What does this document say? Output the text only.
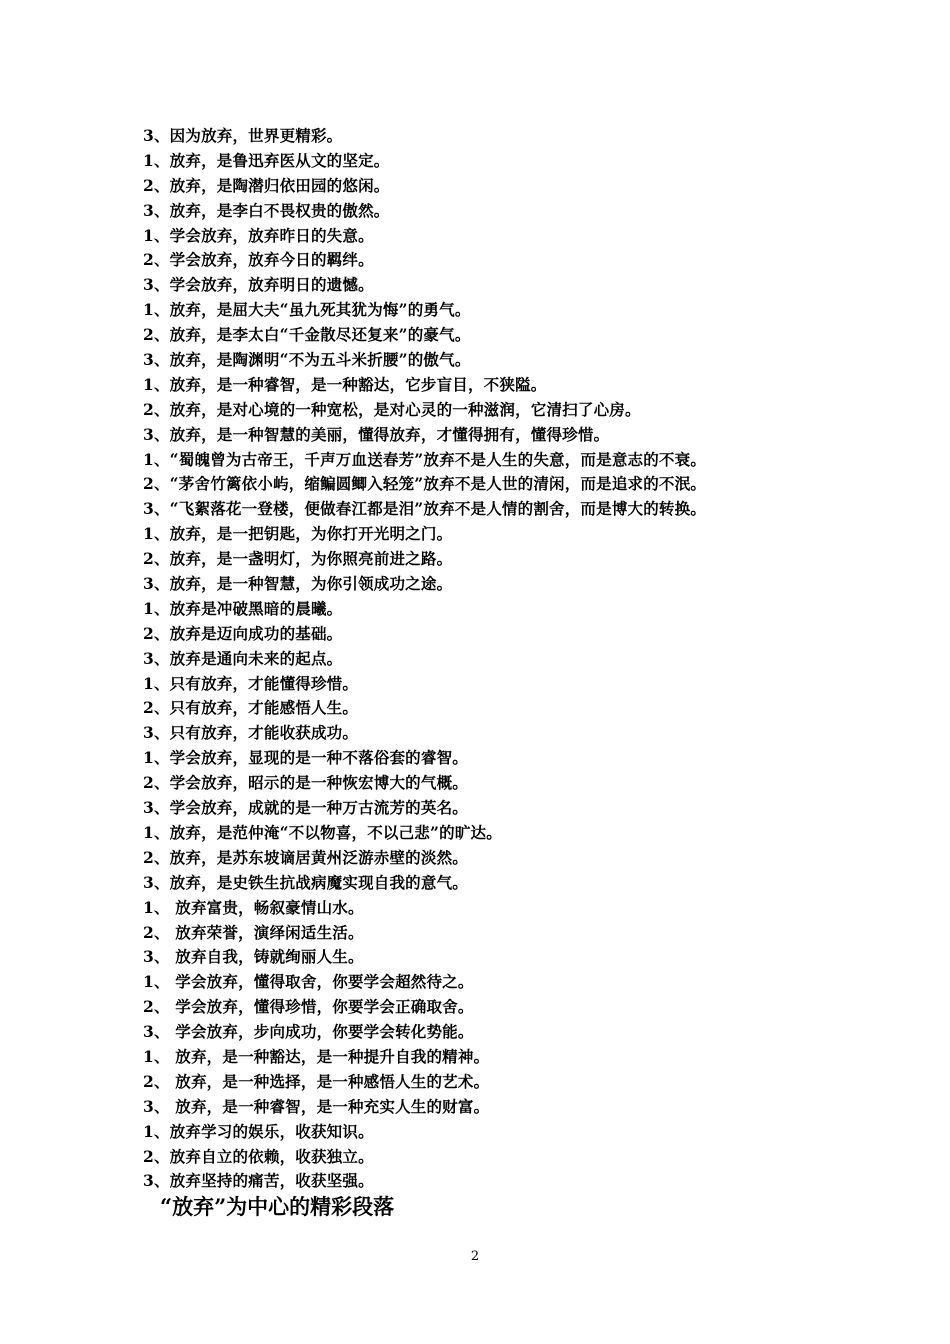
3、因为放弃，世界更精彩。
1、放弃，是鲁迅弃医从文的坚定。
2、放弃，是陶潜归依田园的悠闲。
3、放弃，是李白不畏权贵的傲然。
1、学会放弃，放弃昨日的失意。
2、学会放弃，放弃今日的羁绊。
3、学会放弃，放弃明日的遗憾。
1、放弃，是屈大夫“虽九死其犹为悔”的勇气。
2、放弃，是李太白“千金散尽还复来”的豪气。
3、放弃，是陶渊明“不为五斗米折腰”的傲气。
1、放弃，是一种睿智，是一种豁达，它步盲目，不狭隘。
2、放弃，是对心境的一种宽松，是对心灵的一种滋润，它清扫了心房。
3、放弃，是一种智慧的美丽，懂得放弃，才懂得拥有，懂得珍惜。
1、“蜀魄曾为古帝王，千声万血送春芳”放弃不是人生的失意，而是意志的不衰。
2、“茅舍竹篱依小屿，缩鳊圆鲫入轻笼”放弃不是人世的清闲，而是追求的不泯。
3、“飞絮落花一登楼，便做春江都是泪”放弃不是人情的割舍，而是博大的转换。
1、放弃，是一把钥匙，为你打开光明之门。
2、放弃，是一盏明灯，为你照亮前进之路。
3、放弃，是一种智慧，为你引领成功之途。
1、放弃是冲破黑暗的晨曦。
2、放弃是迈向成功的基础。
3、放弃是通向未来的起点。
1、只有放弃，才能懂得珍惜。
2、只有放弃，才能感悟人生。
3、只有放弃，才能收获成功。
1、学会放弃，显现的是一种不落俗套的睿智。
2、学会放弃，昭示的是一种恢宏博大的气概。
3、学会放弃，成就的是一种万古流芳的英名。
1、放弃，是范仲淹“不以物喜，不以己悲”的旷达。
2、放弃，是苏东坡谪居黄州泛游赤壁的淡然。
3、放弃，是史铁生抗战病魔实现自我的意气。
1、 放弃富贵，畅叙豪情山水。
2、 放弃荣誉，演绎闲适生活。
3、 放弃自我，铸就绚丽人生。
1、 学会放弃，懂得取舍，你要学会超然待之。
2、 学会放弃，懂得珍惜，你要学会正确取舍。
3、 学会放弃，步向成功，你要学会转化势能。
1、 放弃，是一种豁达，是一种提升自我的精神。
2、 放弃，是一种选择，是一种感悟人生的艺术。
3、 放弃，是一种睿智，是一种充实人生的财富。
1、放弃学习的娱乐，收获知识。
2、放弃自立的依赖，收获独立。
3、放弃坚持的痛苦，收获坚强。
“放弃”为中心的精彩段落
2
